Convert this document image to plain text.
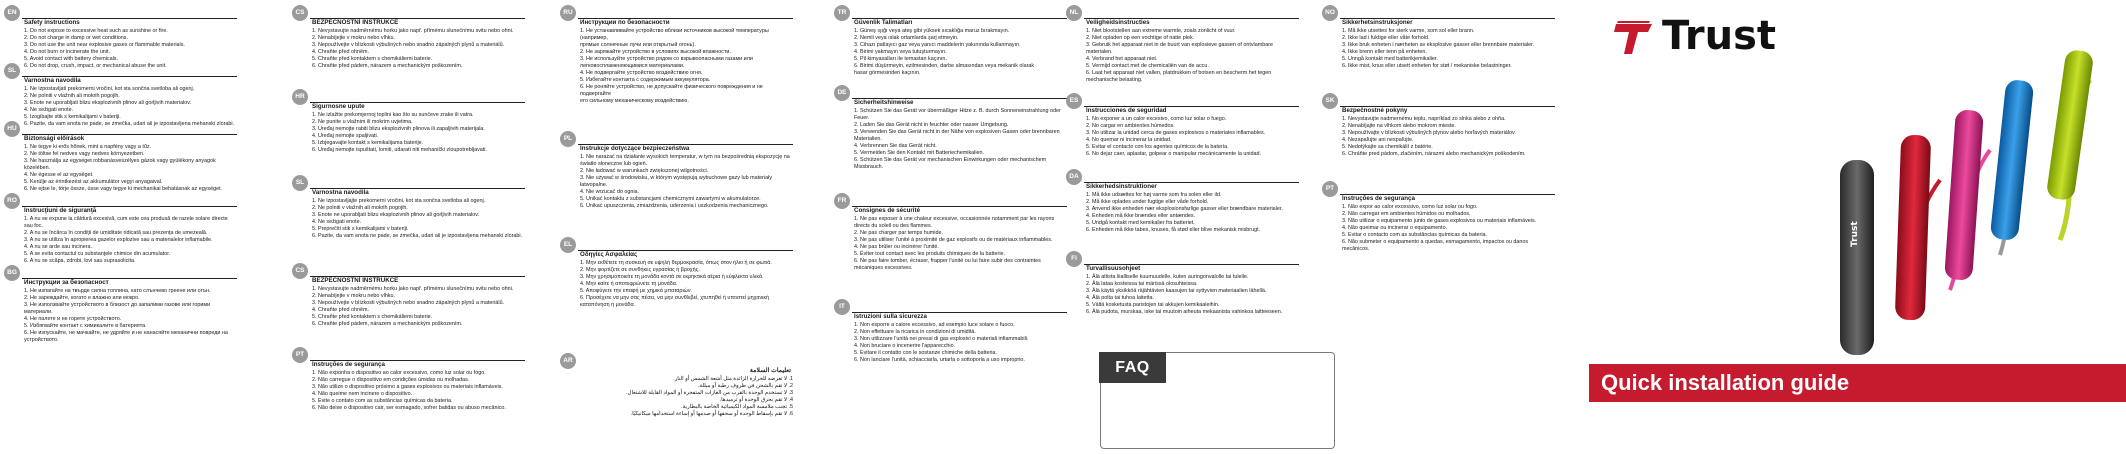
EN
Safety instructions
1. Do not expose to excessive heat such as sunshine or fire.
2. Do not charge in damp or wet conditions.
3. Do not use the unit near explosive gases or flammable materials.
4. Do not burn or incinerate the unit.
5. Avoid contact with battery chemicals.
6. Do not drop, crush, impact, or mechanical abuse the unit.
SL
Varnostna navodila
1. Ne izpostavljati prekomerni vročini, kot sta sončna svetloba ali ogenj.
2. Ne polniti v vlažnih ali mokrih pogojih.
3. Enote ne uporabljati blizu eksplozivnih plinov ali gorljivih materialov.
4. Ne sežigati enote.
5. Izogibajte stik s kemikalijami v bateriji.
6. Pazite, da vam enota ne pade, se zmečka, udari ali je izpostavljena mehanski zlorabi.
HU
Biztonsági előírások
1. Ne tegye ki erős hőnek, mint a napfény vagy a tűz.
2. Ne töltse fel nedves vagy nedves környezetben.
3. Ne használja az egységet robbanásveszélyes gázok vagy gyúlékony anyagok közelében.
4. Ne égesse el az egységet.
5. Kerülje az érintkezést az akkumulátor vegyi anyagaival.
6. Ne ejtse le, törje össze, üsse vagy tegye ki mechanikai behatásnak az egységet.
RO
Instrucţiuni de siguranţă
1. A nu se expune la căldură excesivă, cum este cea produsă de razele solare directe sau foc.
2. A nu se încărca în condiţii de umiditate ridicată sau prezenţa de umezeală.
3. A nu se utiliza în apropierea gazelor explozive sau a materialelor inflamabile.
4. A nu se arde sau incinera.
5. A se evita contactul cu substanţele chimice din acumulator.
6. A nu se scăpa, zdrobi, lovi sau suprasolicita.
BG
Инструкции за безопасност
1. Не излагайте на твърде силна топлина, като слънчево греене или огън.
2. Не зареждайте, когато е влажно или мокро.
3. Не използвайте устройството в близост до запалими газове или горими материали.
4. Не палете и не горете устройството.
5. Избягвайте контакт с химикалите в батерията.
6. Не изпускайте, не мачкайте, не удряйте и не нанасяйте механични повреди на устройството.
CS
BEZPEČNOSTNÍ INSTRUKCE
1. Nevystavujte nadměrnému horku jako např. přímému slunečnímu svitu nebo ohni.
2. Nenabíjejte v mokru nebo vlhku.
3. Nepoužívejte v blízkosti výbušných nebo snadno zápalných plynů a materiálů.
4. Chraňte před ohněm.
5. Chraňte před kontaktem s chemikáliemi baterie.
6. Chraňte před pádem, nárazem a mechanickým poškozením.
HR
Sigurnosne upute
1. Ne izlažite prekomjernoj toplini kao što su sunčeve zrake ili vatra.
2. Ne punite u vlažnim ili mokrim uvjetima.
3. Uređaj nemojte rabiti blizu eksplozivnih plinova ili zapaljivih materijala.
4. Uređaj nemojte spaljivati.
5. Izbjegavajte kontakt s kemikalijama baterije.
6. Uređaj nemojte ispuštati, lomiti, udarati niti mehanički zloupotrebljavati.
SL
Varnostna navodila
1. Ne izpostavljajte prekomerni vročini, kot sta sončna svetloba ali ogenj.
2. Ne polniti v vlažnih ali mokrih pogojih.
3. Enote ne uporabljati blizu eksplozivnih plinov ali gorljivih materialov.
4. Ne sežigati enote.
5. Preprečiti stik s kemikalijami v bateriji.
6. Pazite, da vam enota ne pade, se zmečka, udari ali je izpostavljena mehanski zlorabi.
CS
BEZPEČNOSTNÍ INSTRUKCE
1. Nevystavujte nadměrnému horku jako např. přímému slunečnímu svitu nebo ohni.
2. Nenabíjejte v mokru nebo vlhku.
3. Nepoužívejte v blízkosti výbušných nebo snadno zápalných plynů a materiálů.
4. Chraňte před ohněm.
5. Chraňte před kontaktem s chemikáliemi baterie.
6. Chraňte před pádem, nárazem a mechanickým poškozením.
PT
Instruções de segurança
1. Não exponha o dispositivo ao calor excessivo, como luz solar ou fogo.
2. Não carregue o dispositivo em condições úmidas ou molhadas.
3. Não utilize o dispositivo próximo a gases explosivos ou materiais inflamáveis.
4. Não queime nem incinere o dispositivo.
5. Evite o contato com as substâncias químicas da bateria.
6. Não deixe o dispositivo cair, ser esmagado, sofrer batidas ou abuso mecânico.
RU
Инструкции по безопасности
1. Не устанавливайте устройство вблизи источников высокой температуры (например,
прямые солнечные лучи или открытый огонь).
2. Не заряжайте устройство в условиях высокой влажности.
3. Не используйте устройство рядом со взрывоопасными газами или
легковоспламеняющимися материалами.
4. Не подвергайте устройство воздействию огня.
5. Избегайте контакта с содержимым аккумулятора.
6. Не роняйте устройство, не допускайте физического повреждения и не подвергайте
его сильному механическому воздействию.
PL
Instrukcje dotyczące bezpieczeństwa
1. Nie narażać na działanie wysokich temperatur, w tym na bezpośrednią ekspozycję na
światło słoneczne lub ogień.
2. Nie ładować w warunkach zwiększonej wilgotności.
3. Nie używać w środowisku, w którym występują wybuchowe gazy lub materiały łatwopalne.
4. Nie wrzucać do ognia.
5. Unikać kontaktu z substancjami chemicznymi zawartymi w akumulatorze.
6. Unikać upuszczenia, zmiażdżenia, uderzenia i uszkodzenia mechanicznego.
EL
Οδηγίες Ασφαλείας
1. Μην εκθέτετε τη συσκευή σε υψηλή θερμοκρασία, όπως στον ήλιο ή σε φωτιά.
2. Μην φορτίζετε σε συνθήκες υγρασίας ή βροχής.
3. Μην χρησιμοποιείτε τη μονάδα κοντά σε εκρηκτικά αέρια ή εύφλεκτα υλικά.
4. Μην καίτε ή αποτεφρώνετε τη μονάδα.
5. Αποφύγετε την επαφή με χημικά μπαταριών.
6. Προσέχετε να μην σας πέσει, να μην συνθλιβεί, χτυπηθεί ή υποστεί μηχανική καταπόνηση η μονάδα.
AR
تعليمات السلامة
1. لا تعرضه للحرارة الزائدة مثل أشعة الشمس أو النار.
2. لا تقم بالشحن في ظروف رطبة أو مبللة.
3. لا تستخدم الوحدة بالقرب من الغازات المتفجرة أو المواد القابلة للاشتعال.
4. لا تقم بحرق الوحدة أو ترميدها.
5. تجنب ملامسة المواد الكيميائية الخاصة بالبطارية.
6. لا تقم بإسقاط الوحدة أو سحقها أو صدمها أو إساءة استخدامها ميكانيكيًا.
TR
Güvenlik Talimatları
1. Güneş ışığı veya ateş gibi yüksek sıcaklığa maruz bırakmayın.
2. Nemli veya ıslak ortamlarda şarj etmeyin.
3. Cihazı patlayıcı gaz veya yanıcı maddelerin yakınında kullanmayın.
4. Birimi yakmayın veya tutuşturmayın.
5. Pil kimyasalları ile temastan kaçının.
6. Birimi düşürmeyin, ezilmesinden, darbe almasından veya mekanik olarak
hasar görmesinden kaçının.
DE
Sicherheitshinweise
1. Schützen Sie das Gerät vor übermäßiger Hitze z. B. durch Sonneneinstrahlung oder Feuer.
2. Laden Sie das Gerät nicht in feuchter oder nasser Umgebung.
3. Verwenden Sie das Gerät nicht in der Nähe von explosiven Gasen oder brennbaren Materialien.
4. Verbrennen Sie das Gerät nicht.
5. Vermeiden Sie den Kontakt mit Batteriechemikalien.
6. Schützen Sie das Gerät vor mechanischen Einwirkungen oder mechanischem Missbrauch.
FR
Consignes de sécurité
1. Ne pas exposer à une chaleur excessive, occasionnée notamment par les rayons directs du soleil ou des flammes.
2. Ne pas charger par temps humide.
3. Ne pas utiliser l'unité à proximité de gaz explosifs ou de matériaux inflammables.
4. Ne pas brûler ou incinérer l'unité.
5. Éviter tout contact avec les produits chimiques de la batterie.
6. Ne pas faire tomber, écraser, frapper l'unité ou lui faire subir des contraintes mécaniques excessives.
IT
Istruzioni sulla sicurezza
1. Non esporre a calore eccessivo, ad esempio luce solare o fuoco.
2. Non effettuare la ricarica in condizioni di umidità.
3. Non utilizzare l'unità nei pressi di gas esplosivi o materiali infiammabili.
4. Non bruciare o incenerire l'apparecchio.
5. Evitare il contatto con le sostanze chimiche della batteria.
6. Non lanciare l'unità, schiacciarla, urtarla o sottoporla a uso improprio.
NL
Veiligheidsinstructies
1. Niet blootstellen aan extreme warmte, zoals zonlicht of vuur.
2. Niet opladen op een vochtige of natte plek.
3. Gebruik het apparaat niet in de buurt van explosieve gassen of ontvlambare materialen.
4. Verbrand het apparaat niet.
5. Vermijd contact met de chemicaliën van de accu.
6. Laat het apparaat niet vallen, platdrukken of botsen en bescherm het tegen mechanische belasting.
ES
Instrucciones de seguridad
1. No exponer a un calor excesivo, como luz solar o fuego.
2. No cargar en ambientes húmedos.
3. No utilizar la unidad cerca de gases explosivos o materiales inflamables.
4. No quemar ni incinerar la unidad.
5. Evitar el contacto con los agentes químicos de la batería.
6. No dejar caer, aplastar, golpear o manipular mecánicamente la unidad.
DA
Sikkerhedsinstruktioner
1. Må ikke udsættes for høj varme som fra solen eller ild.
2. Må ikke oplades under fugtige eller våde forhold.
3. Anvend ikke enheden nær eksplosionsfarlige gasser eller brændbare materialer.
4. Enheden må ikke brændes eller antændes.
5. Undgå kontakt med kemikalier fra batteriet.
6. Enheden må ikke tabes, knuses, få stød eller blive mekanisk misbrugt.
FI
Turvallisuusohjeet
1. Älä altista liialliselle kuumuudelle, kuten auringonvalolle tai tulelle.
2. Älä lataa kosteissa tai märissä olosuhteissa.
3. Älä käytä yksikköä räjähtävien kaasujen tai syttyvien materiaalien lähellä.
4. Älä polta tai tuhoa laitetta.
5. Vältä kosketusta paristojen tai akkujen kemikaaleihin.
6. Älä pudota, murskaa, iske tai muutoin aiheuta mekaanista vahinkoa laitteeseen.
NO
Sikkerhetsinstruksjoner
1. Må ikke utsettes for sterk varme, som sol eller brann.
2. Ikke lad i fuktige eller våte forhold.
3. Ikke bruk enheten i nærheten av eksplosive gasser eller brennbare materialer.
4. Ikke brenn eller tenn på enheten.
5. Unngå kontakt med batterikjemikalier.
6. Ikke mist, knus eller utsett enheten for støt / mekaniske belastninger.
SK
Bezpečnostné pokyny
1. Nevystavujte nadmernému teplu, napríklad zo slnka alebo z ohňa.
2. Nenabíjajte na vlhkom alebo mokrom mieste.
3. Nepoužívajte v blízkosti výbušných plynov alebo horľavých materiálov.
4. Nezapaľujte ani nespaľujte.
5. Nedotýkajte sa chemikálií z batérie.
6. Chráňte pred pádom, zlačením, nárazmi alebo mechanickým poškodením.
PT
Instruções de segurança
1. Não expor ao calor excessivo, como luz solar ou fogo.
2. Não carregar em ambientes húmidos ou molhados.
3. Não utilizar o equipamento junto de gases explosivos ou materiais inflamáveis.
4. Não queimar ou incinerar o equipamento.
5. Evitar o contacto com as substâncias químicas da bateria.
6. Não submeter o equipamento a quedas, esmagamento, impactos ou danos mecânicos.
FAQ
Trust
Trust
Quick installation guide
